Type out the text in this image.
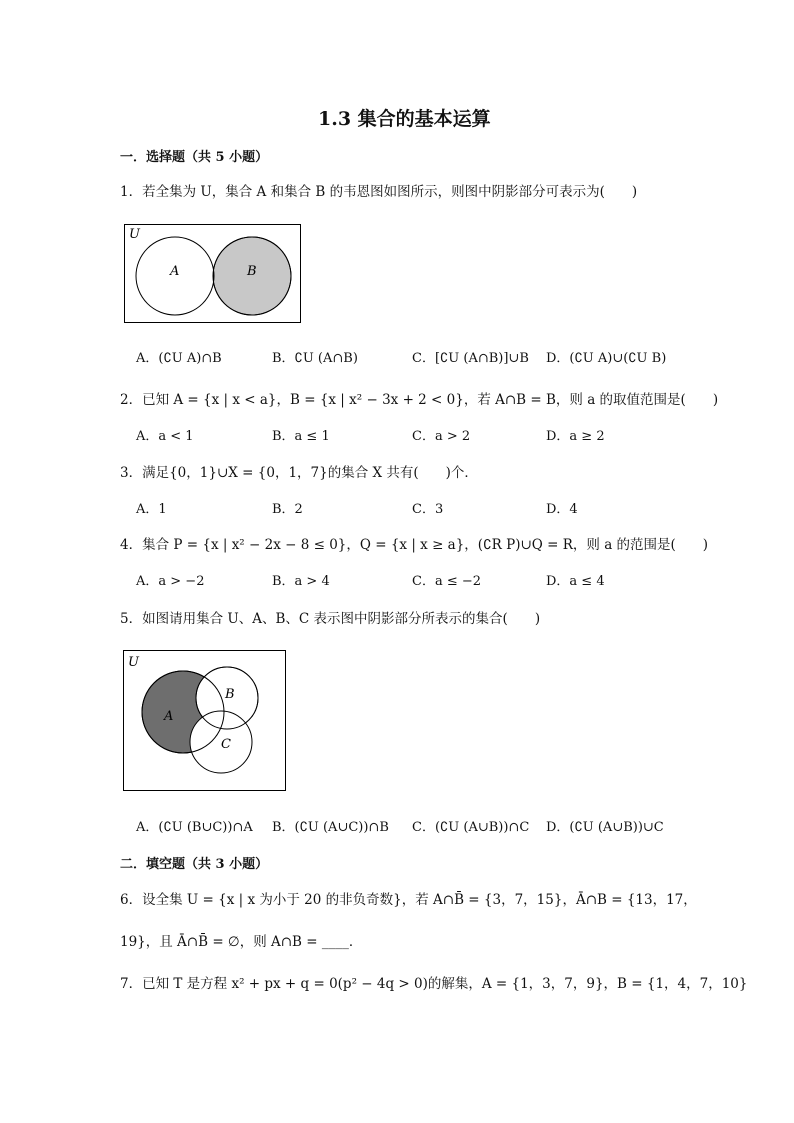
1.3 集合的基本运算
一．选择题（共 5 小题）
1．若全集为 U，集合 A 和集合 B 的韦恩图如图所示，则图中阴影部分可表示为(　　)
U
A	B
A．(∁U A)∩B	B．∁U (A∩B)	C．[∁U (A∩B)]∪B D．(∁U A)∪(∁U B)
2．已知 A = {x | x < a}，B = {x | x² − 3x + 2 < 0}，若 A∩B = B，则 a 的取值范围是(　　)
A．a < 1	B．a ≤ 1	C．a > 2	D．a ≥ 2
3．满足{0，1}∪X = {0，1，7}的集合 X 共有(　　)个．
A．1	B．2	C．3	D．4
4．集合 P = {x | x² − 2x − 8 ≤ 0}，Q = {x | x ≥ a}，(∁R P)∪Q = R，则 a 的范围是(　　)
A．a > −2	B．a > 4	C．a ≤ −2	D．a ≤ 4
5．如图请用集合 U、A、B、C 表示图中阴影部分所表示的集合(　　)
U
A
B
C
A．(∁U (B∪C))∩A B．(∁U (A∪C))∩B C．(∁U (A∪B))∩C D．(∁U (A∪B))∪C
二．填空题（共 3 小题）
6．设全集 U = {x | x 为小于 20 的非负奇数}，若 A∩B̄ = {3，7，15}，Ā∩B = {13，17，
19}，且 Ā∩B̄ = ∅，则 A∩B = ____．
7．已知 T 是方程 x² + px + q = 0(p² − 4q > 0)的解集，A = {1，3，7，9}，B = {1，4，7，10}
